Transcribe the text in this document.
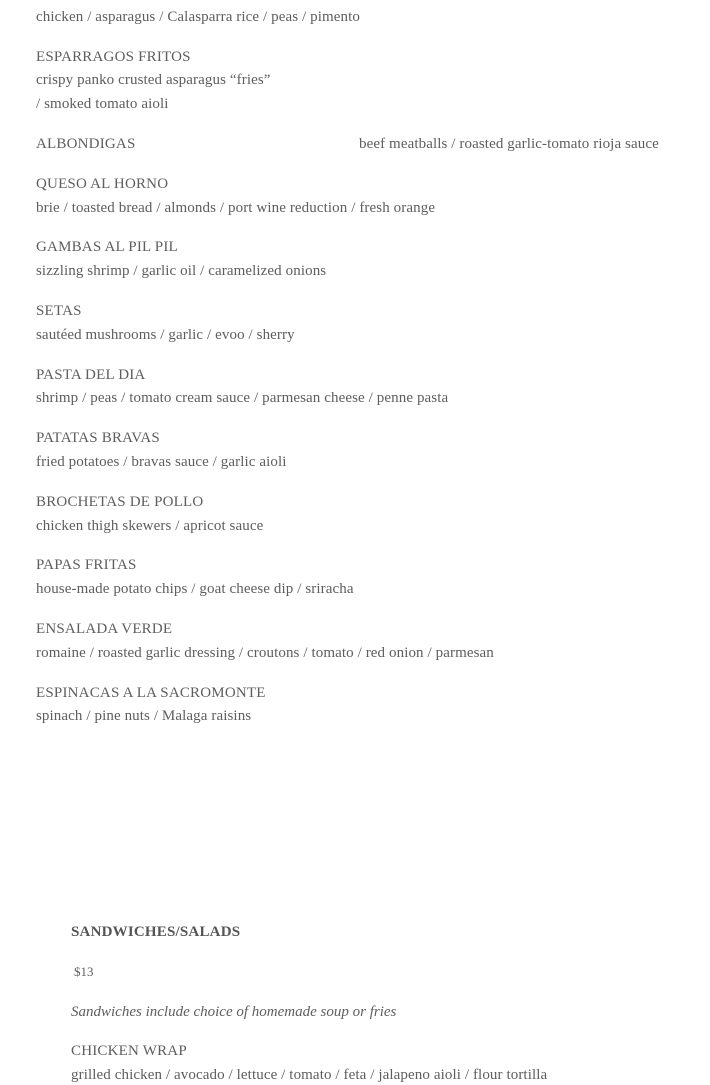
chicken / asparagus / Calasparra rice / peas / pimento
ESPARRAGOS FRITOS
crispy panko crusted asparagus “fries”
/ smoked tomato aioli
ALBONDIGAS	beef meatballs / roasted garlic-tomato rioja sauce
QUESO AL HORNO
brie / toasted bread / almonds / port wine reduction / fresh orange
GAMBAS AL PIL PIL
sizzling shrimp / garlic oil / caramelized onions
SETAS
sautéed mushrooms / garlic / evoo / sherry
PASTA DEL DIA
shrimp / peas / tomato cream sauce / parmesan cheese / penne pasta
PATATAS BRAVAS
fried potatoes / bravas sauce / garlic aioli
BROCHETAS DE POLLO
chicken thigh skewers / apricot sauce
PAPAS FRITAS
house-made potato chips / goat cheese dip / sriracha
ENSALADA VERDE
romaine / roasted garlic dressing / croutons / tomato / red onion / parmesan
ESPINACAS A LA SACROMONTE
spinach / pine nuts / Malaga raisins
SANDWICHES/SALADS
$13
Sandwiches include choice of homemade soup or fries
CHICKEN WRAP
grilled chicken / avocado / lettuce / tomato / feta / jalapeno aioli / flour tortilla
